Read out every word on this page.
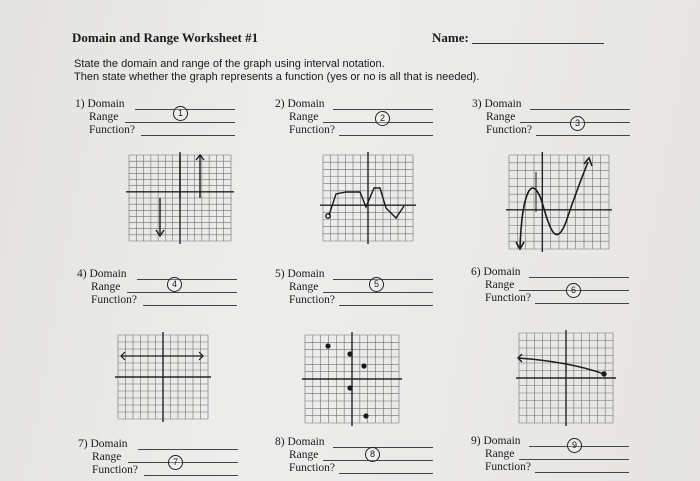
Domain and Range Worksheet #1	Name:
State the domain and range of the graph using interval notation.
Then state whether the graph represents a function (yes or no is all that is needed).
1) Domain
Range
Function?
1
2) Domain
Range
Function?
2
3) Domain
Range
Function?
3
4) Domain
Range
Function?
4
5) Domain
Range
Function?
5
6) Domain
Range
Function?
6
7) Domain
Range
Function?
7
8) Domain
Range
Function?
8
9) Domain
Range
Function?
9
